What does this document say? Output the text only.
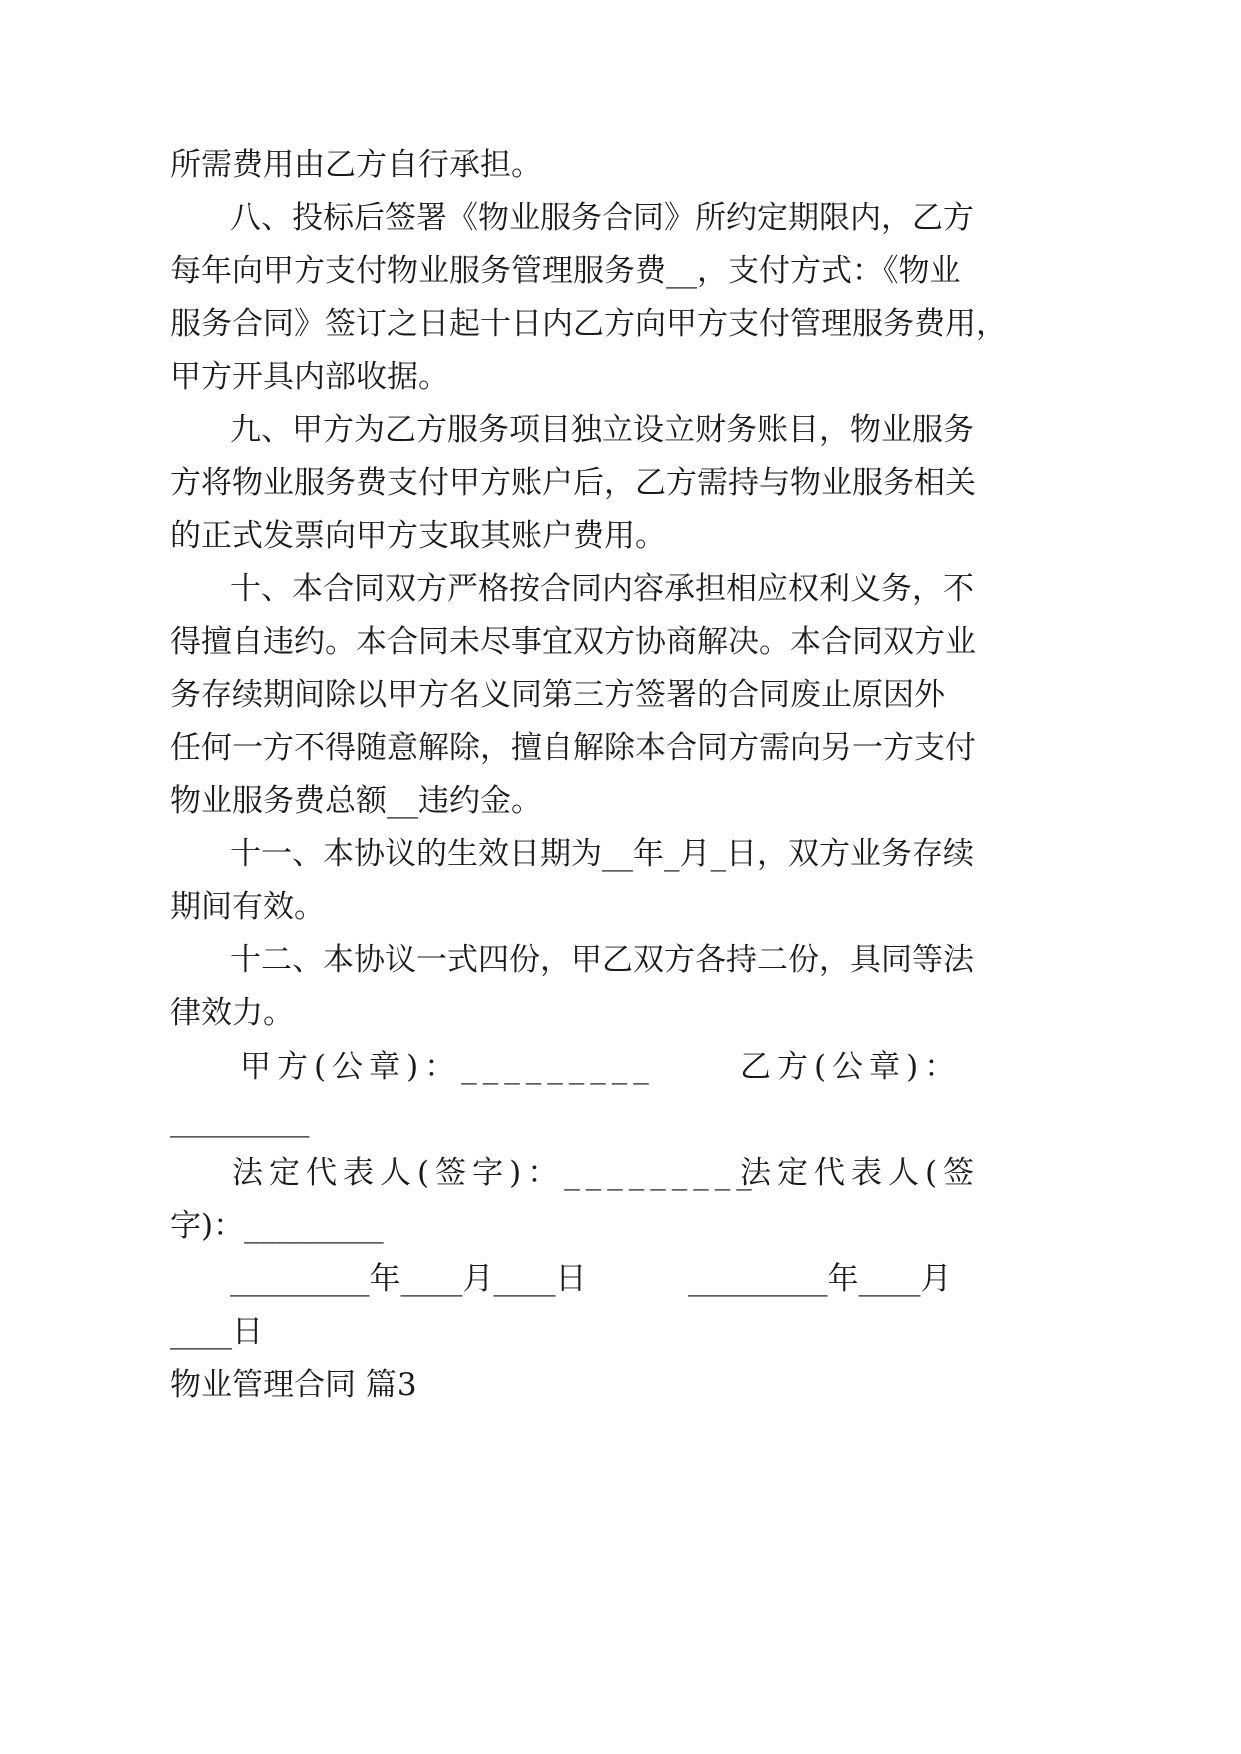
所需费用由乙方自行承担。
八、投标后签署《物业服务合同》所约定期限内，乙方
每年向甲方支付物业服务管理服务费__，支付方式：《物业
服务合同》签订之日起十日内乙方向甲方支付管理服务费用，
甲方开具内部收据。
九、甲方为乙方服务项目独立设立财务账目，物业服务
方将物业服务费支付甲方账户后，乙方需持与物业服务相关
的正式发票向甲方支取其账户费用。
十、本合同双方严格按合同内容承担相应权利义务，不
得擅自违约。本合同未尽事宜双方协商解决。本合同双方业
务存续期间除以甲方名义同第三方签署的合同废止原因外
任何一方不得随意解除，擅自解除本合同方需向另一方支付
物业服务费总额__违约金。
十一、本协议的生效日期为__年_月_日，双方业务存续
期间有效。
十二、本协议一式四份，甲乙双方各持二份，具同等法
律效力。
甲方(公章)：_________	乙方(公章)：
_________
法定代表人(签字)：_________
法定代表人(签
字)：_________
_________年____月____日	_________年____月
____日
物业管理合同 篇3
